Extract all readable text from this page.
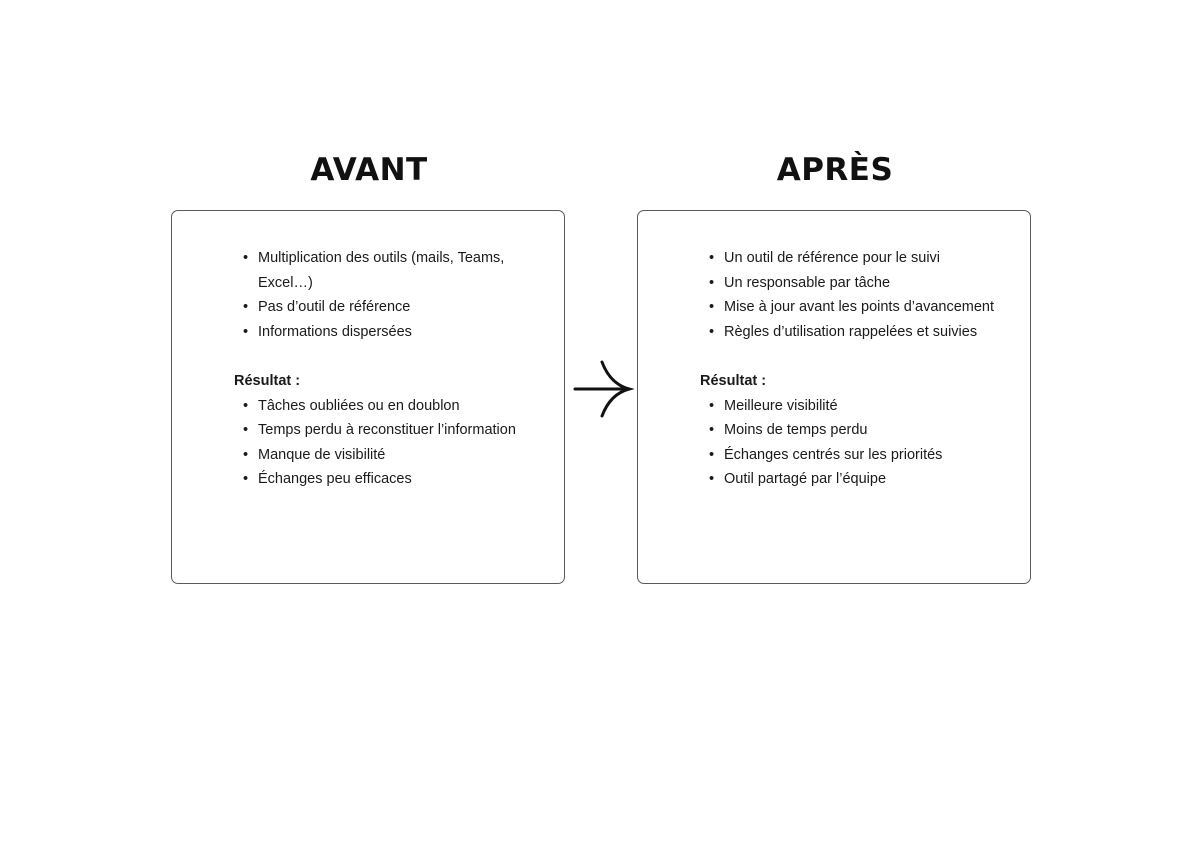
AVANT	APRÈS
• Multiplication des outils (mails, Teams, Excel…)
• Pas d’outil de référence
• Informations dispersées
Résultat :
• Tâches oubliées ou en doublon
• Temps perdu à reconstituer l’information
• Manque de visibilité
• Échanges peu efficaces
• Un outil de référence pour le suivi
• Un responsable par tâche
• Mise à jour avant les points d’avancement
• Règles d’utilisation rappelées et suivies
Résultat :
• Meilleure visibilité
• Moins de temps perdu
• Échanges centrés sur les priorités
• Outil partagé par l’équipe
